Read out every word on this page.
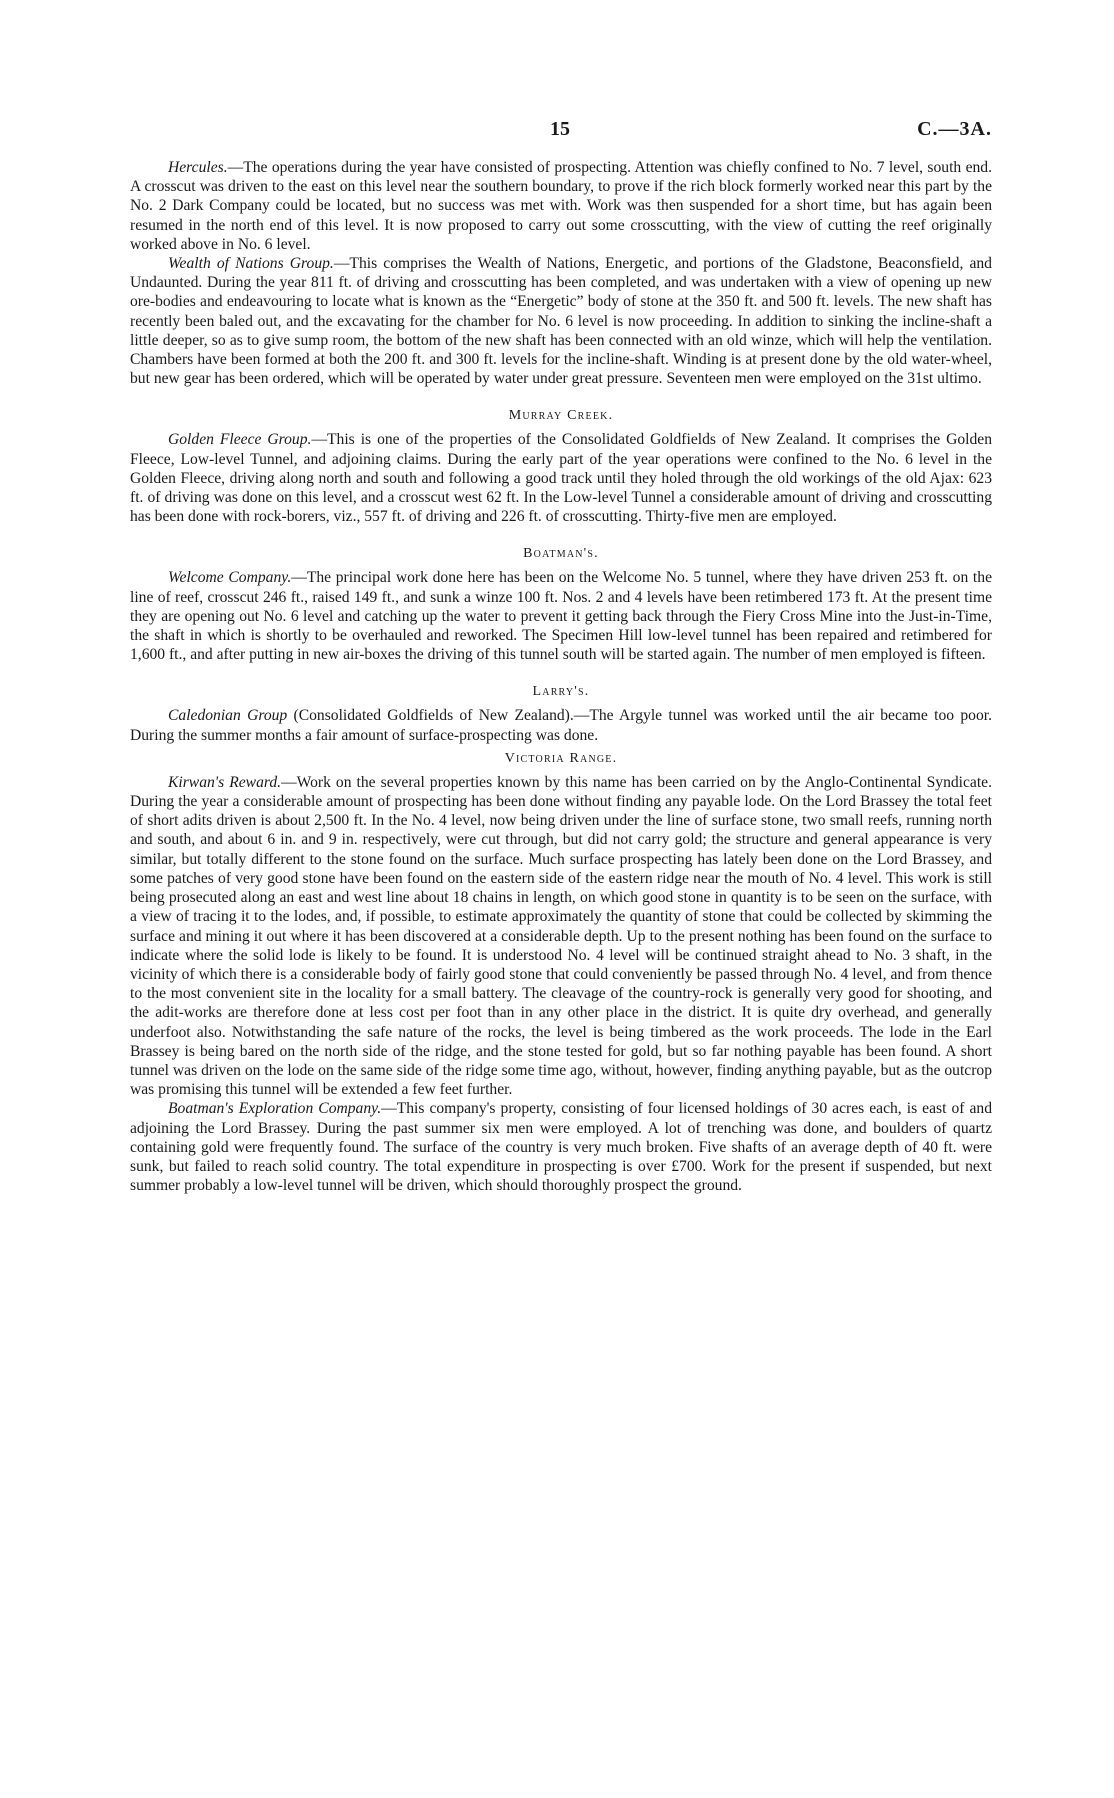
15	C.—3A.

Hercules.—The operations during the year have consisted of prospecting. Attention was chiefly confined to No. 7 level, south end. A crosscut was driven to the east on this level near the southern boundary, to prove if the rich block formerly worked near this part by the No. 2 Dark Company could be located, but no success was met with. Work was then suspended for a short time, but has again been resumed in the north end of this level. It is now proposed to carry out some crosscutting, with the view of cutting the reef originally worked above in No. 6 level.

Wealth of Nations Group.—This comprises the Wealth of Nations, Energetic, and portions of the Gladstone, Beaconsfield, and Undaunted. During the year 811 ft. of driving and crosscutting has been completed, and was undertaken with a view of opening up new ore-bodies and endeavouring to locate what is known as the “Energetic” body of stone at the 350 ft. and 500 ft. levels. The new shaft has recently been baled out, and the excavating for the chamber for No. 6 level is now proceeding. In addition to sinking the incline-shaft a little deeper, so as to give sump room, the bottom of the new shaft has been connected with an old winze, which will help the ventilation. Chambers have been formed at both the 200 ft. and 300 ft. levels for the incline-shaft. Winding is at present done by the old water-wheel, but new gear has been ordered, which will be operated by water under great pressure. Seventeen men were employed on the 31st ultimo.

Murray Creek.

Golden Fleece Group.—This is one of the properties of the Consolidated Goldfields of New Zealand. It comprises the Golden Fleece, Low-level Tunnel, and adjoining claims. During the early part of the year operations were confined to the No. 6 level in the Golden Fleece, driving along north and south and following a good track until they holed through the old workings of the old Ajax: 623 ft. of driving was done on this level, and a crosscut west 62 ft. In the Low-level Tunnel a considerable amount of driving and crosscutting has been done with rock-borers, viz., 557 ft. of driving and 226 ft. of crosscutting. Thirty-five men are employed.

Boatman's.

Welcome Company.—The principal work done here has been on the Welcome No. 5 tunnel, where they have driven 253 ft. on the line of reef, crosscut 246 ft., raised 149 ft., and sunk a winze 100 ft. Nos. 2 and 4 levels have been retimbered 173 ft. At the present time they are opening out No. 6 level and catching up the water to prevent it getting back through the Fiery Cross Mine into the Just-in-Time, the shaft in which is shortly to be overhauled and reworked. The Specimen Hill low-level tunnel has been repaired and retimbered for 1,600 ft., and after putting in new air-boxes the driving of this tunnel south will be started again. The number of men employed is fifteen.

Larry's.

Caledonian Group (Consolidated Goldfields of New Zealand).—The Argyle tunnel was worked until the air became too poor. During the summer months a fair amount of surface-prospecting was done.

Victoria Range.

Kirwan's Reward.—Work on the several properties known by this name has been carried on by the Anglo-Continental Syndicate. During the year a considerable amount of prospecting has been done without finding any payable lode. On the Lord Brassey the total feet of short adits driven is about 2,500 ft. In the No. 4 level, now being driven under the line of surface stone, two small reefs, running north and south, and about 6 in. and 9 in. respectively, were cut through, but did not carry gold; the structure and general appearance is very similar, but totally different to the stone found on the surface. Much surface prospecting has lately been done on the Lord Brassey, and some patches of very good stone have been found on the eastern side of the eastern ridge near the mouth of No. 4 level. This work is still being prosecuted along an east and west line about 18 chains in length, on which good stone in quantity is to be seen on the surface, with a view of tracing it to the lodes, and, if possible, to estimate approximately the quantity of stone that could be collected by skimming the surface and mining it out where it has been discovered at a considerable depth. Up to the present nothing has been found on the surface to indicate where the solid lode is likely to be found. It is understood No. 4 level will be continued straight ahead to No. 3 shaft, in the vicinity of which there is a considerable body of fairly good stone that could conveniently be passed through No. 4 level, and from thence to the most convenient site in the locality for a small battery. The cleavage of the country-rock is generally very good for shooting, and the adit-works are therefore done at less cost per foot than in any other place in the district. It is quite dry overhead, and generally underfoot also. Notwithstanding the safe nature of the rocks, the level is being timbered as the work proceeds. The lode in the Earl Brassey is being bared on the north side of the ridge, and the stone tested for gold, but so far nothing payable has been found. A short tunnel was driven on the lode on the same side of the ridge some time ago, without, however, finding anything payable, but as the outcrop was promising this tunnel will be extended a few feet further.

Boatman's Exploration Company.—This company's property, consisting of four licensed holdings of 30 acres each, is east of and adjoining the Lord Brassey. During the past summer six men were employed. A lot of trenching was done, and boulders of quartz containing gold were frequently found. The surface of the country is very much broken. Five shafts of an average depth of 40 ft. were sunk, but failed to reach solid country. The total expenditure in prospecting is over £700. Work for the present if suspended, but next summer probably a low-level tunnel will be driven, which should thoroughly prospect the ground.
